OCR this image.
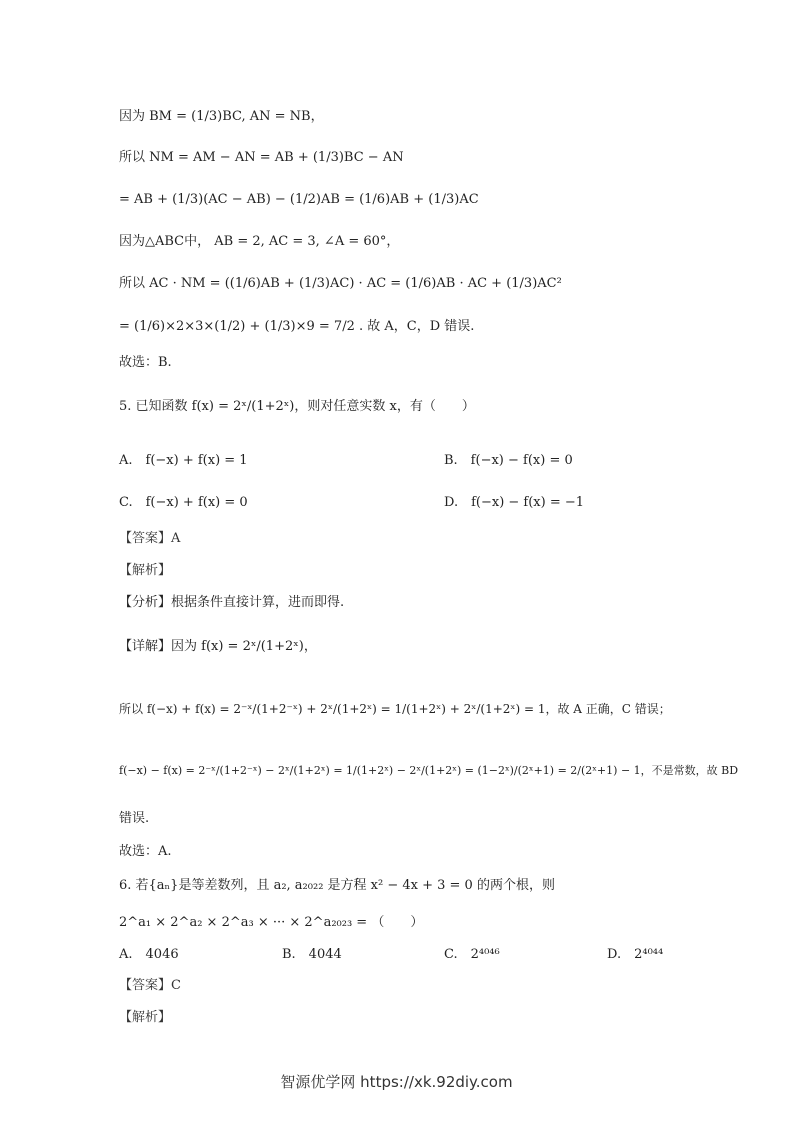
因为 BM = (1/3)BC, AN = NB，
所以 NM = AM − AN = AB + (1/3)BC − AN
= AB + (1/3)(AC − AB) − (1/2)AB = (1/6)AB + (1/3)AC
因为△ABC中， AB = 2, AC = 3, ∠A = 60°，
所以 AC · NM = ((1/6)AB + (1/3)AC) · AC = (1/6)AB · AC + (1/3)AC²
= (1/6)×2×3×(1/2) + (1/3)×9 = 7/2 . 故 A，C，D 错误.
故选：B.
5. 已知函数 f(x) = 2ˣ/(1+2ˣ)，则对任意实数 x，有（　　）
A.　f(−x) + f(x) = 1	B.　f(−x) − f(x) = 0
C.　f(−x) + f(x) = 0	D.　f(−x) − f(x) = −1
【答案】A
【解析】
【分析】根据条件直接计算，进而即得.
【详解】因为 f(x) = 2ˣ/(1+2ˣ)，
所以 f(−x) + f(x) = 2⁻ˣ/(1+2⁻ˣ) + 2ˣ/(1+2ˣ) = 1/(1+2ˣ) + 2ˣ/(1+2ˣ) = 1，故 A 正确，C 错误；
f(−x) − f(x) = 2⁻ˣ/(1+2⁻ˣ) − 2ˣ/(1+2ˣ) = 1/(1+2ˣ) − 2ˣ/(1+2ˣ) = (1−2ˣ)/(2ˣ+1) = 2/(2ˣ+1) − 1，不是常数，故 BD
错误.
故选：A.
6. 若{aₙ}是等差数列，且 a₂, a₂₀₂₂ 是方程 x² − 4x + 3 = 0 的两个根，则
2^a₁ × 2^a₂ × 2^a₃ × ··· × 2^a₂₀₂₃ = （　　）
A.　4046	B.　4044	C.　2⁴⁰⁴⁶	D.　2⁴⁰⁴⁴
【答案】C
【解析】
智源优学网 https://xk.92diy.com
